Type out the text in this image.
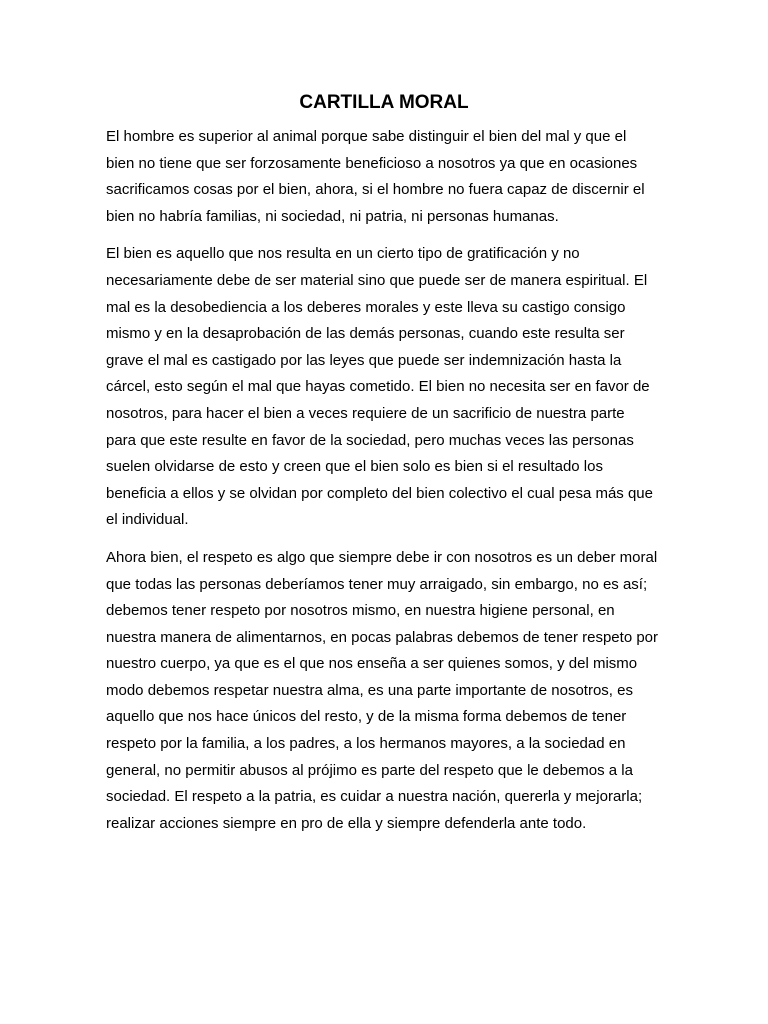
CARTILLA MORAL

El hombre es superior al animal porque sabe distinguir el bien del mal y que el
bien no tiene que ser forzosamente beneficioso a nosotros ya que en ocasiones
sacrificamos cosas por el bien, ahora, si el hombre no fuera capaz de discernir el
bien no habría familias, ni sociedad, ni patria, ni personas humanas.

El bien es aquello que nos resulta en un cierto tipo de gratificación y no
necesariamente debe de ser material sino que puede ser de manera espiritual. El
mal es la desobediencia a los deberes morales y este lleva su castigo consigo
mismo y en la desaprobación de las demás personas, cuando este resulta ser
grave el mal es castigado por las leyes que puede ser indemnización hasta la
cárcel, esto según el mal que hayas cometido. El bien no necesita ser en favor de
nosotros, para hacer el bien a veces requiere de un sacrificio de nuestra parte
para que este resulte en favor de la sociedad, pero muchas veces las personas
suelen olvidarse de esto y creen que el bien solo es bien si el resultado los
beneficia a ellos y se olvidan por completo del bien colectivo el cual pesa más que
el individual.

Ahora bien, el respeto es algo que siempre debe ir con nosotros es un deber moral
que todas las personas deberíamos tener muy arraigado, sin embargo, no es así;
debemos tener respeto por nosotros mismo, en nuestra higiene personal, en
nuestra manera de alimentarnos, en pocas palabras debemos de tener respeto por
nuestro cuerpo, ya que es el que nos enseña a ser quienes somos, y del mismo
modo debemos respetar nuestra alma, es una parte importante de nosotros, es
aquello que nos hace únicos del resto, y de la misma forma debemos de tener
respeto por la familia, a los padres, a los hermanos mayores, a la sociedad en
general, no permitir abusos al prójimo es parte del respeto que le debemos a la
sociedad. El respeto a la patria, es cuidar a nuestra nación, quererla y mejorarla;
realizar acciones siempre en pro de ella y siempre defenderla ante todo.
